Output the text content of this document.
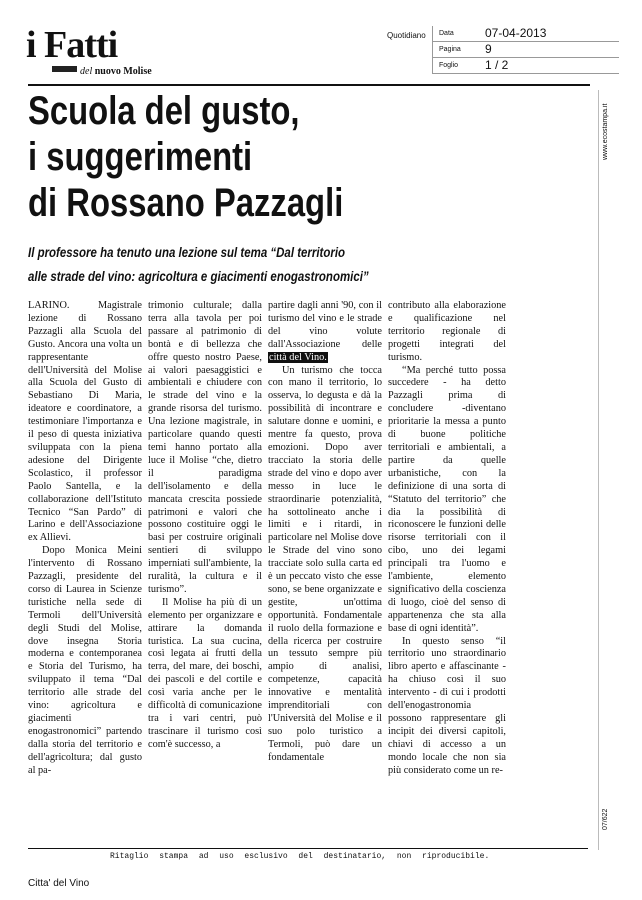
i Fatti
del nuovo Molise
Quotidiano Data	07-04-2013
Pagina 9
Foglio 1 / 2
www.ecostampa.it
07/622
Scuola del gusto,
i suggerimenti
di Rossano Pazzagli
Il professore ha tenuto una lezione sul tema “Dal territorio
alle strade del vino: agricoltura e giacimenti enogastronomici”

LARINO. Magistrale lezione di Rossano Pazzagli alla Scuola del Gusto. Ancora una volta un rappresentante dell'Università del Molise alla Scuola del Gusto di Sebastiano Di Maria, ideatore e coordinatore, a testimoniare l'importanza e il peso di questa iniziativa sviluppata con la piena adesione del Dirigente Scolastico, il professor Paolo Santella, e la collaborazione dell'Istituto Tecnico “San Pardo” di Larino e dell'Associazione ex Allievi.

Dopo Monica Meini l'intervento di Rossano Pazzagli, presidente del corso di Laurea in Scienze turistiche nella sede di Termoli dell'Università degli Studi del Molise, dove insegna Storia moderna e contemporanea e Storia del Turismo, ha sviluppato il tema “Dal territorio alle strade del vino: agricoltura e giacimenti enogastronomici” partendo dalla storia del territorio e dell'agricoltura; dal gusto al pa-

trimonio culturale; dalla terra alla tavola per poi passare al patrimonio di bontà e di bellezza che offre questo nostro Paese, ai valori paesaggistici e ambientali e chiudere con le strade del vino e la grande risorsa del turismo. Una lezione magistrale, in particolare quando questi temi hanno portato alla luce il Molise “che, dietro il paradigma dell'isolamento e della mancata crescita possiede patrimoni e valori che possono costituire oggi le basi per costruire originali sentieri di sviluppo imperniati sull'ambiente, la ruralità, la cultura e il turismo”.

Il Molise ha più di un elemento per organizzare e attirare la domanda turistica. La sua cucina, così legata ai frutti della terra, del mare, dei boschi, dei pascoli e del cortile e così varia anche per le difficoltà di comunicazione tra i vari centri, può trascinare il turismo così com'è successo, a

partire dagli anni '90, con il turismo del vino e le strade del vino volute dall'Associazione delle città del Vino.

Un turismo che tocca con mano il territorio, lo osserva, lo degusta e dà la possibilità di incontrare e salutare donne e uomini, e mentre fa questo, prova emozioni. Dopo aver tracciato la storia delle strade del vino e dopo aver messo in luce le straordinarie potenzialità, ha sottolineato anche i limiti e i ritardi, in particolare nel Molise dove le Strade del vino sono tracciate solo sulla carta ed è un peccato visto che esse sono, se bene organizzate e gestite, un'ottima opportunità. Fondamentale il ruolo della formazione e della ricerca per costruire un tessuto sempre più ampio di analisi, competenze, capacità innovative e mentalità imprenditoriali con l'Università del Molise e il suo polo turistico a Termoli, può dare un fondamentale

contributo alla elaborazione e qualificazione nel territorio regionale di progetti integrati del turismo.

“Ma perché tutto possa succedere - ha detto Pazzagli prima di concludere -diventano prioritarie la messa a punto di buone politiche territoriali e ambientali, a partire da quelle urbanistiche, con la definizione di una sorta di “Statuto del territorio” che dia la possibilità di riconoscere le funzioni delle risorse territoriali con il cibo, uno dei legami principali tra l'uomo e l'ambiente, elemento significativo della coscienza di luogo, cioè del senso di appartenenza che sta alla base di ogni identità”.

In questo senso “il territorio uno straordinario libro aperto e affascinante - ha chiuso così il suo intervento - di cui i prodotti dell'enogastronomia possono rappresentare gli incipit dei diversi capitoli, chiavi di accesso a un mondo locale che non sia più considerato come un re-

Ritaglio stampa ad uso esclusivo del destinatario, non riproducibile.
Citta' del Vino
